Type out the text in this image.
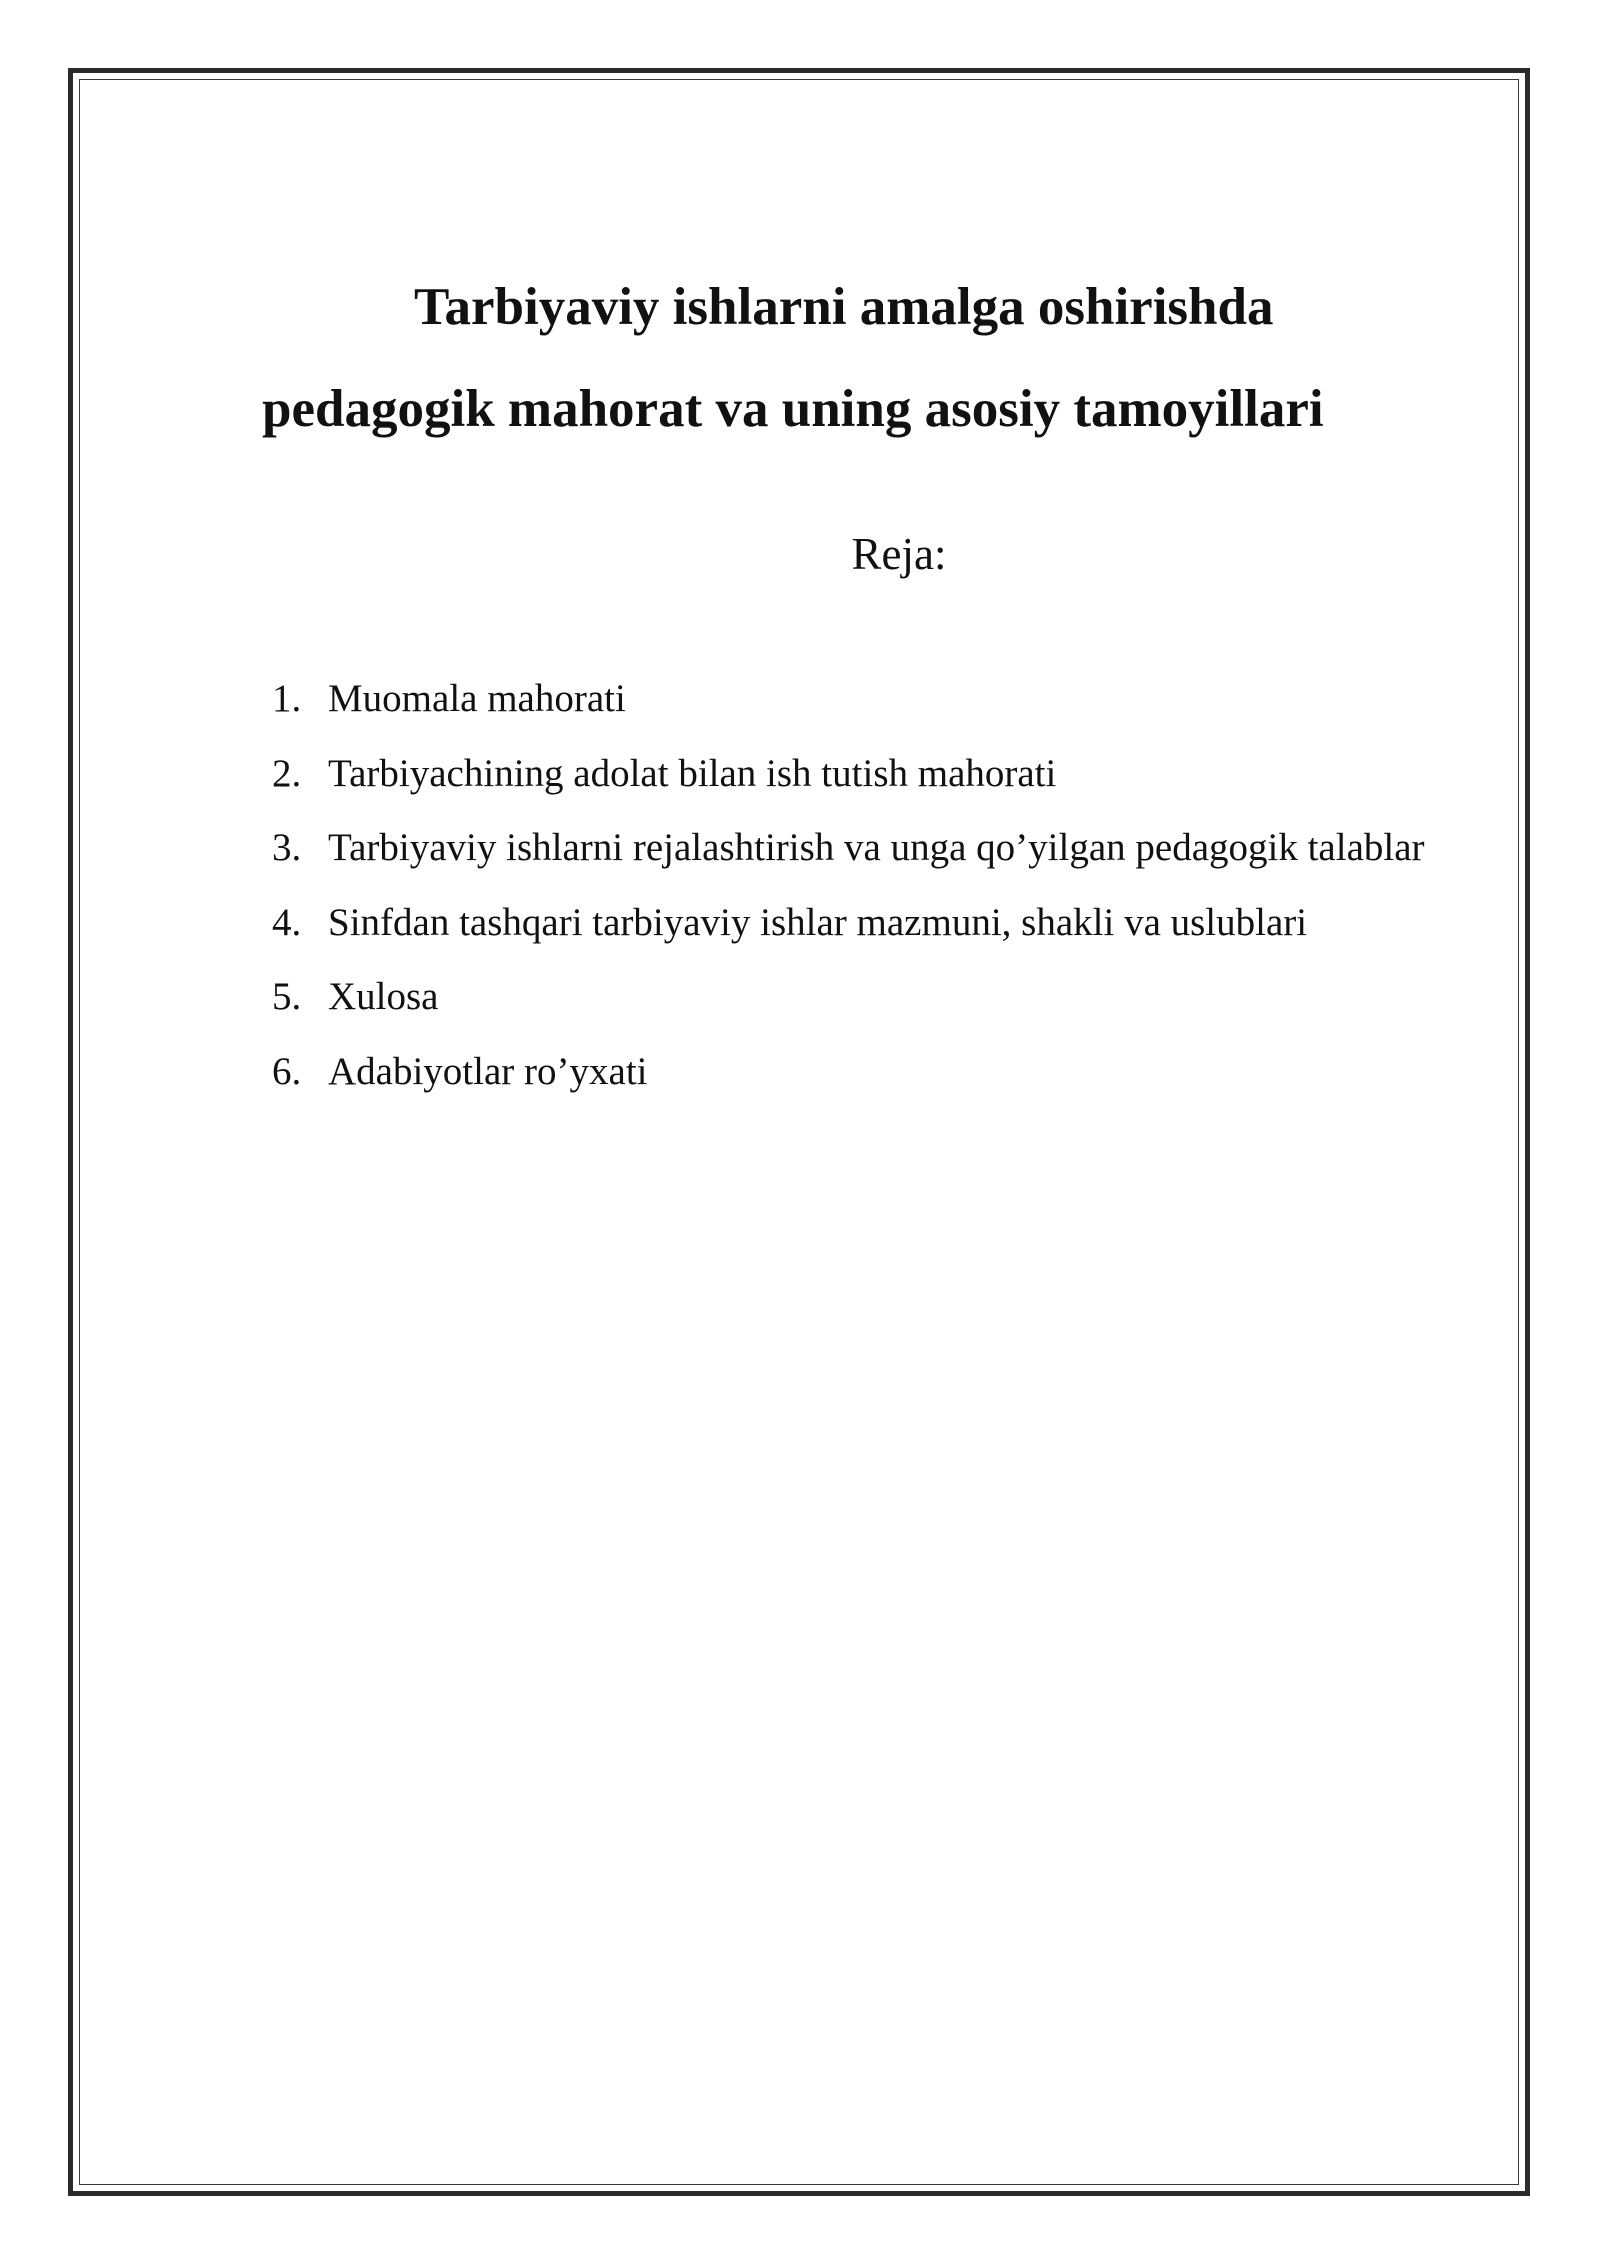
Tarbiyaviy ishlarni amalga oshirishda
pedagogik mahorat va uning asosiy tamoyillari
Reja:
1. Muomala mahorati
2. Tarbiyachining adolat bilan ish tutish mahorati
3. Tarbiyaviy ishlarni rejalashtirish va unga qo’yilgan pedagogik talablar
4. Sinfdan tashqari tarbiyaviy ishlar mazmuni, shakli va uslublari
5. Xulosa
6. Adabiyotlar ro’yxati
